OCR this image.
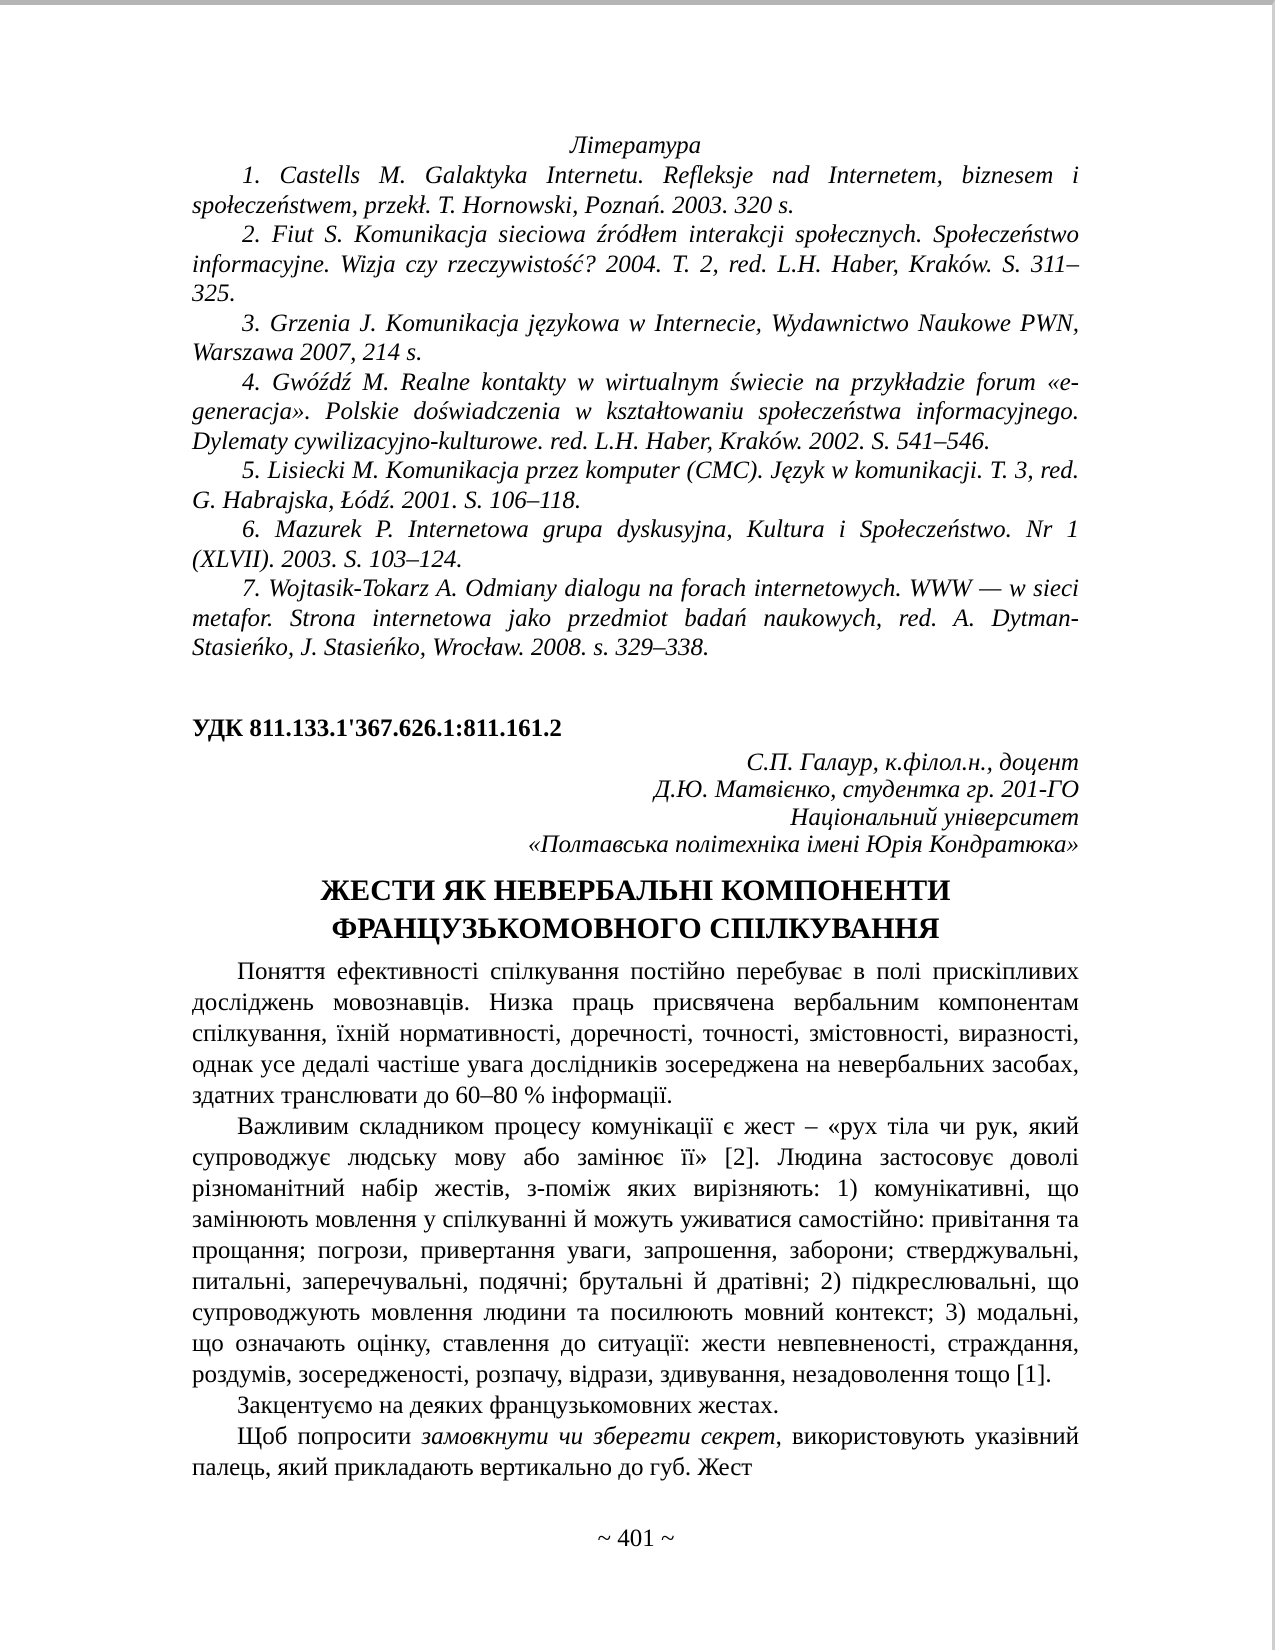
Література

1. Castells M. Galaktyka Internetu. Refleksje nad Internetem, biznesem i społeczeństwem, przekł. T. Hornowski, Poznań. 2003. 320 s.

2. Fiut S. Komunikacja sieciowa źródłem interakcji społecznych. Społeczeństwo informacyjne. Wizja czy rzeczywistość? 2004. T. 2, red. L.H. Haber, Kraków. S. 311–325.

3. Grzenia J. Komunikacja językowa w Internecie, Wydawnictwo Naukowe PWN, Warszawa 2007, 214 s.

4. Gwóźdź M. Realne kontakty w wirtualnym świecie na przykładzie forum «e-generacja». Polskie doświadczenia w kształtowaniu społeczeństwa informacyjnego. Dylematy cywilizacyjno-kulturowe. red. L.H. Haber, Kraków. 2002. S. 541–546.

5. Lisiecki M. Komunikacja przez komputer (CMC). Język w komunikacji. T. 3, red. G. Habrajska, Łódź. 2001. S. 106–118.

6. Mazurek P. Internetowa grupa dyskusyjna, Kultura i Społeczeństwo. Nr 1 (XLVII). 2003. S. 103–124.

7. Wojtasik-Tokarz A. Odmiany dialogu na forach internetowych. WWW — w sieci metafor. Strona internetowa jako przedmiot badań naukowych, red. A. Dytman-Stasieńko, J. Stasieńko, Wrocław. 2008. s. 329–338.

УДК 811.133.1'367.626.1:811.161.2
С.П. Галаур, к.філол.н., доцент
Д.Ю. Матвієнко, студентка гр. 201-ГО
Національний університет
«Полтавська політехніка імені Юрія Кондратюка»
ЖЕСТИ ЯК НЕВЕРБАЛЬНІ КОМПОНЕНТИ
ФРАНЦУЗЬКОМОВНОГО СПІЛКУВАННЯ

Поняття ефективності спілкування постійно перебуває в полі прискіпливих досліджень мовознавців. Низка праць присвячена вербальним компонентам спілкування, їхній нормативності, доречності, точності, змістовності, виразності, однак усе дедалі частіше увага дослідників зосереджена на невербальних засобах, здатних транслювати до 60–80 % інформації.

Важливим складником процесу комунікації є жест – «рух тіла чи рук, який супроводжує людську мову або замінює її» [2]. Людина застосовує доволі різноманітний набір жестів, з-поміж яких вирізняють: 1) комунікативні, що замінюють мовлення у спілкуванні й можуть уживатися самостійно: привітання та прощання; погрози, привертання уваги, запрошення, заборони; стверджувальні, питальні, заперечувальні, подячні; брутальні й дратівні; 2) підкреслювальні, що супроводжують мовлення людини та посилюють мовний контекст; 3) модальні, що означають оцінку, ставлення до ситуації: жести невпевненості, страждання, роздумів, зосередженості, розпачу, відрази, здивування, незадоволення тощо [1].

Закцентуємо на деяких французькомовних жестах.

Щоб попросити замовкнути чи зберегти секрет, використовують указівний палець, який прикладають вертикально до губ. Жест

~ 401 ~
